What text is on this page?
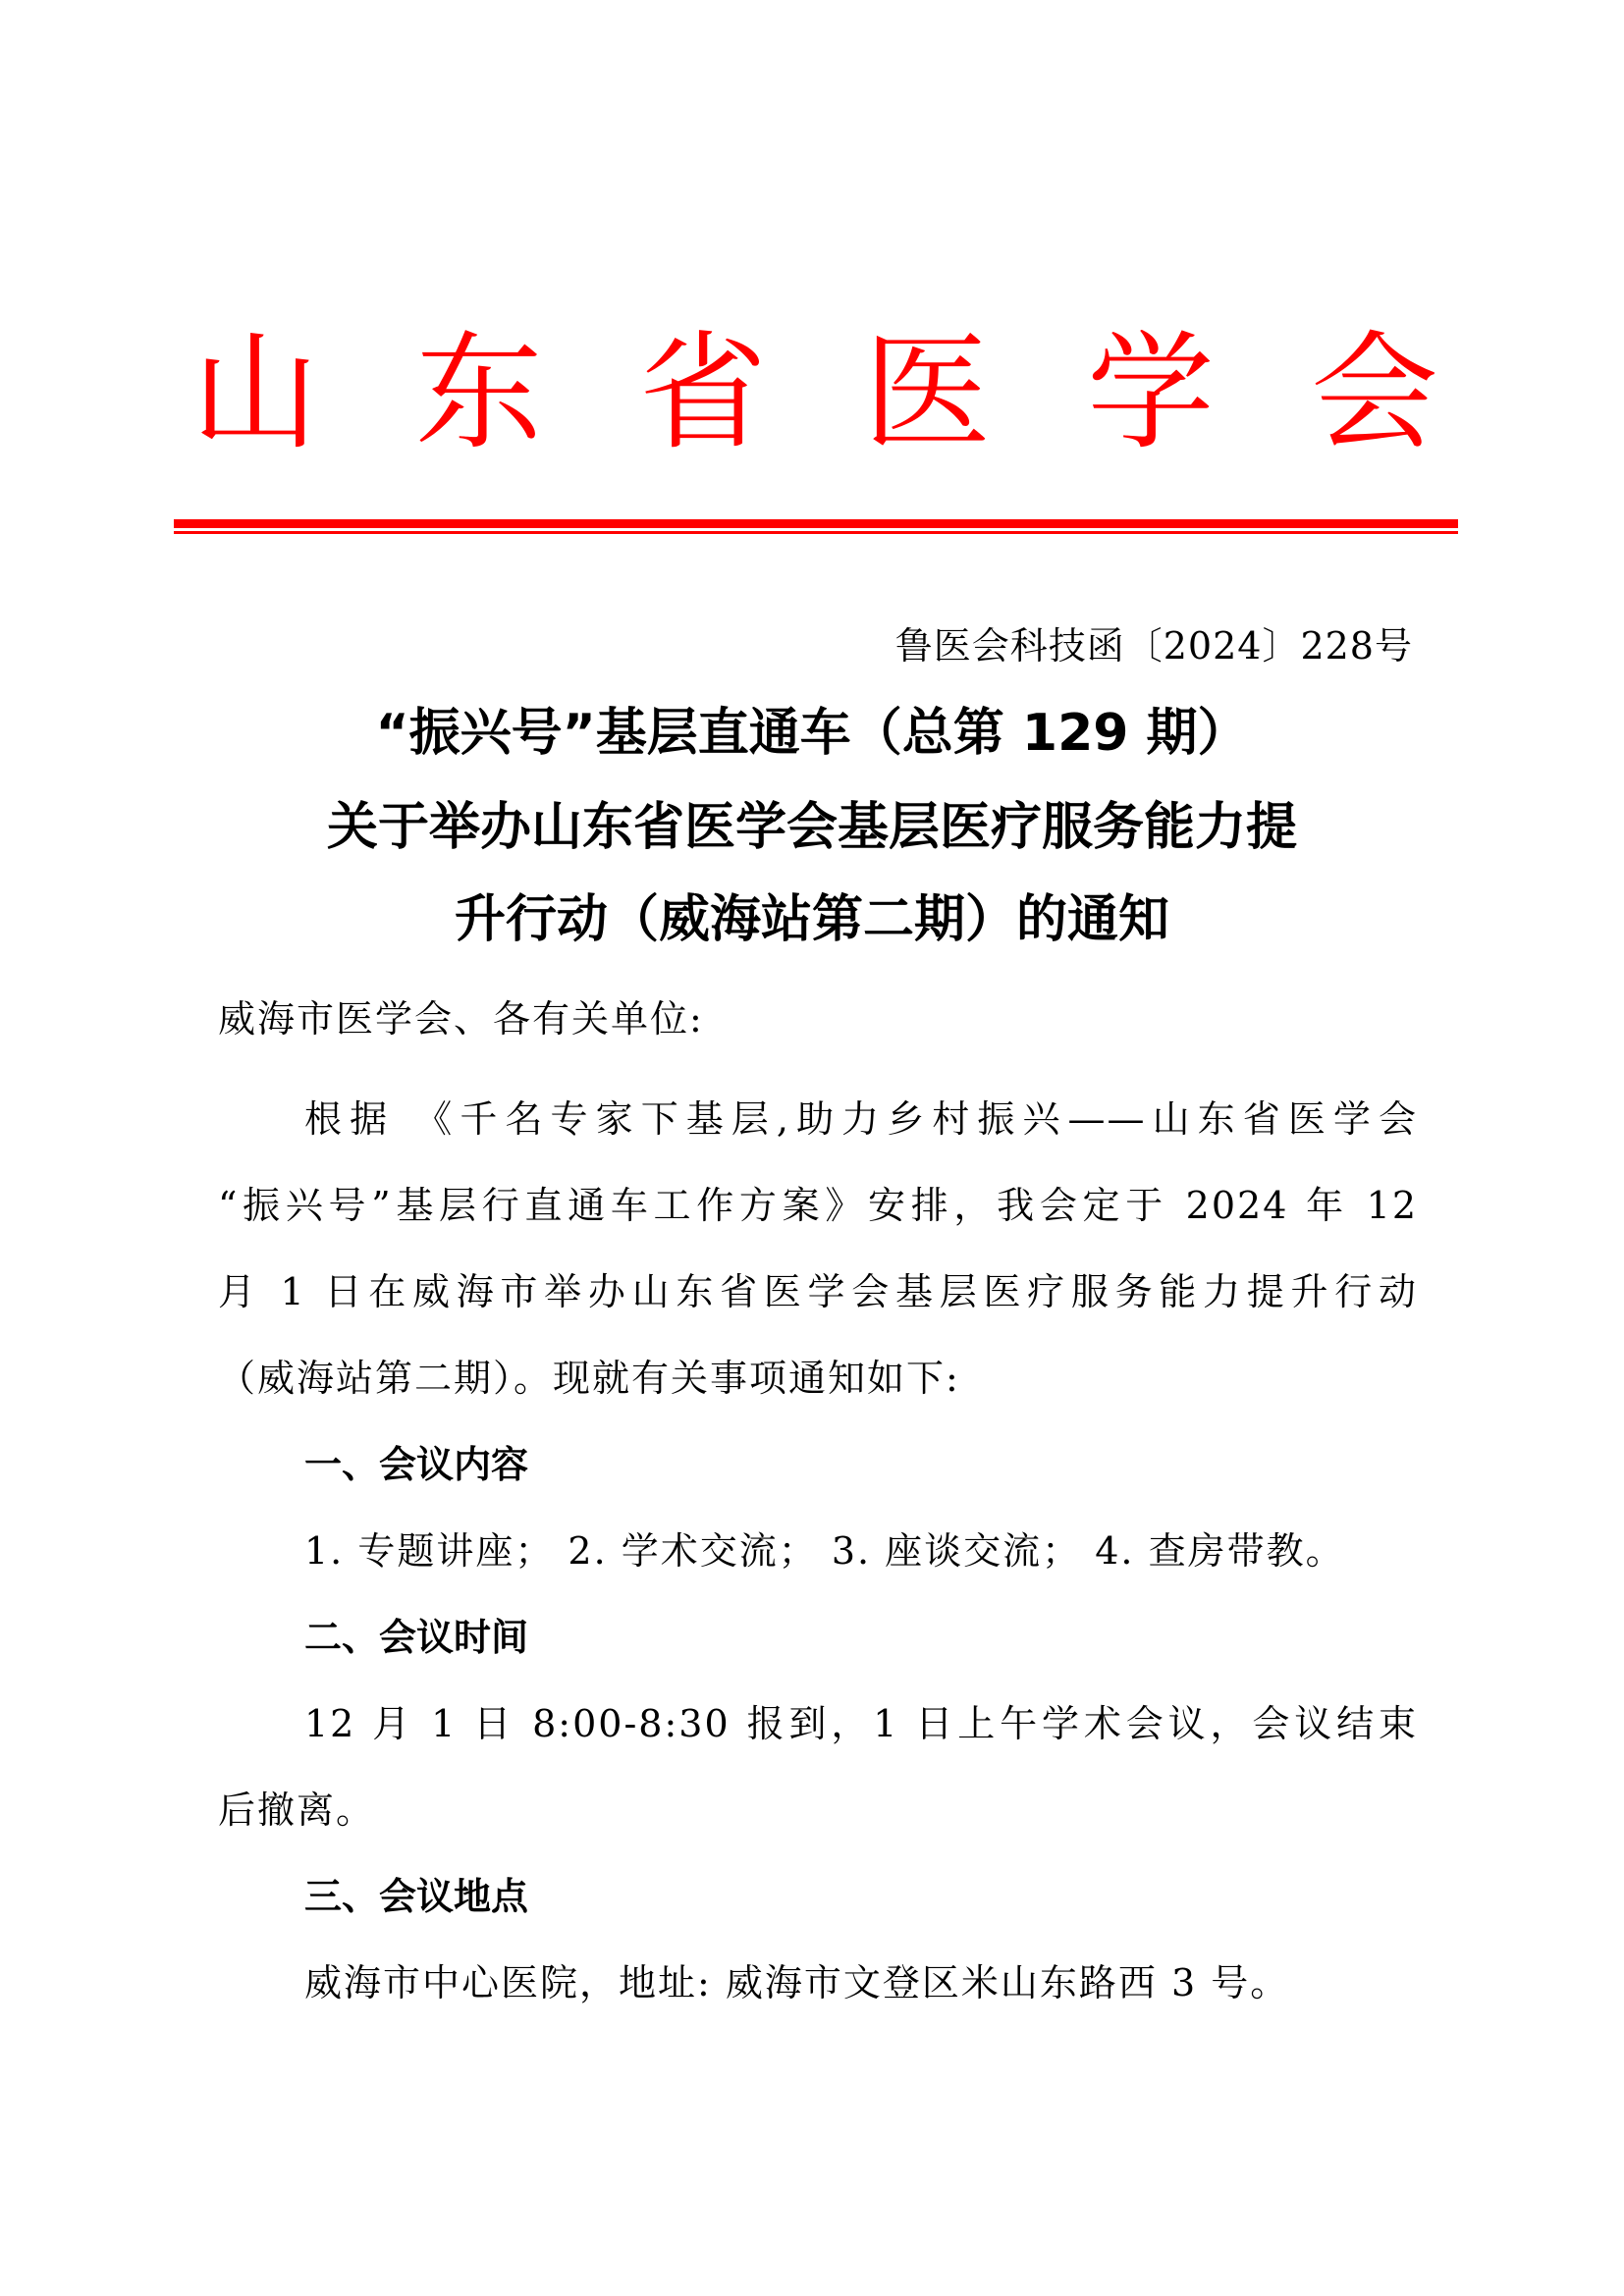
山 东 省 医 学 会
鲁医会科技函〔2024〕228号
“振兴号”基层直通车（总第 129 期）
关于举办山东省医学会基层医疗服务能力提
升行动（威海站第二期）的通知
威海市医学会、各有关单位:
根据 《千名专家下基层,助力乡村振兴——山东省医学会
“振兴号”基层行直通车工作方案》安排，我会定于 2024 年 12
月 1 日在威海市举办山东省医学会基层医疗服务能力提升行动
（威海站第二期）。现就有关事项通知如下:
一、会议内容
1. 专题讲座； 2. 学术交流； 3. 座谈交流； 4. 查房带教。
二、会议时间
12 月 1 日 8:00-8:30 报到，1 日上午学术会议，会议结束
后撤离。
三、会议地点
威海市中心医院，地址: 威海市文登区米山东路西 3 号。
